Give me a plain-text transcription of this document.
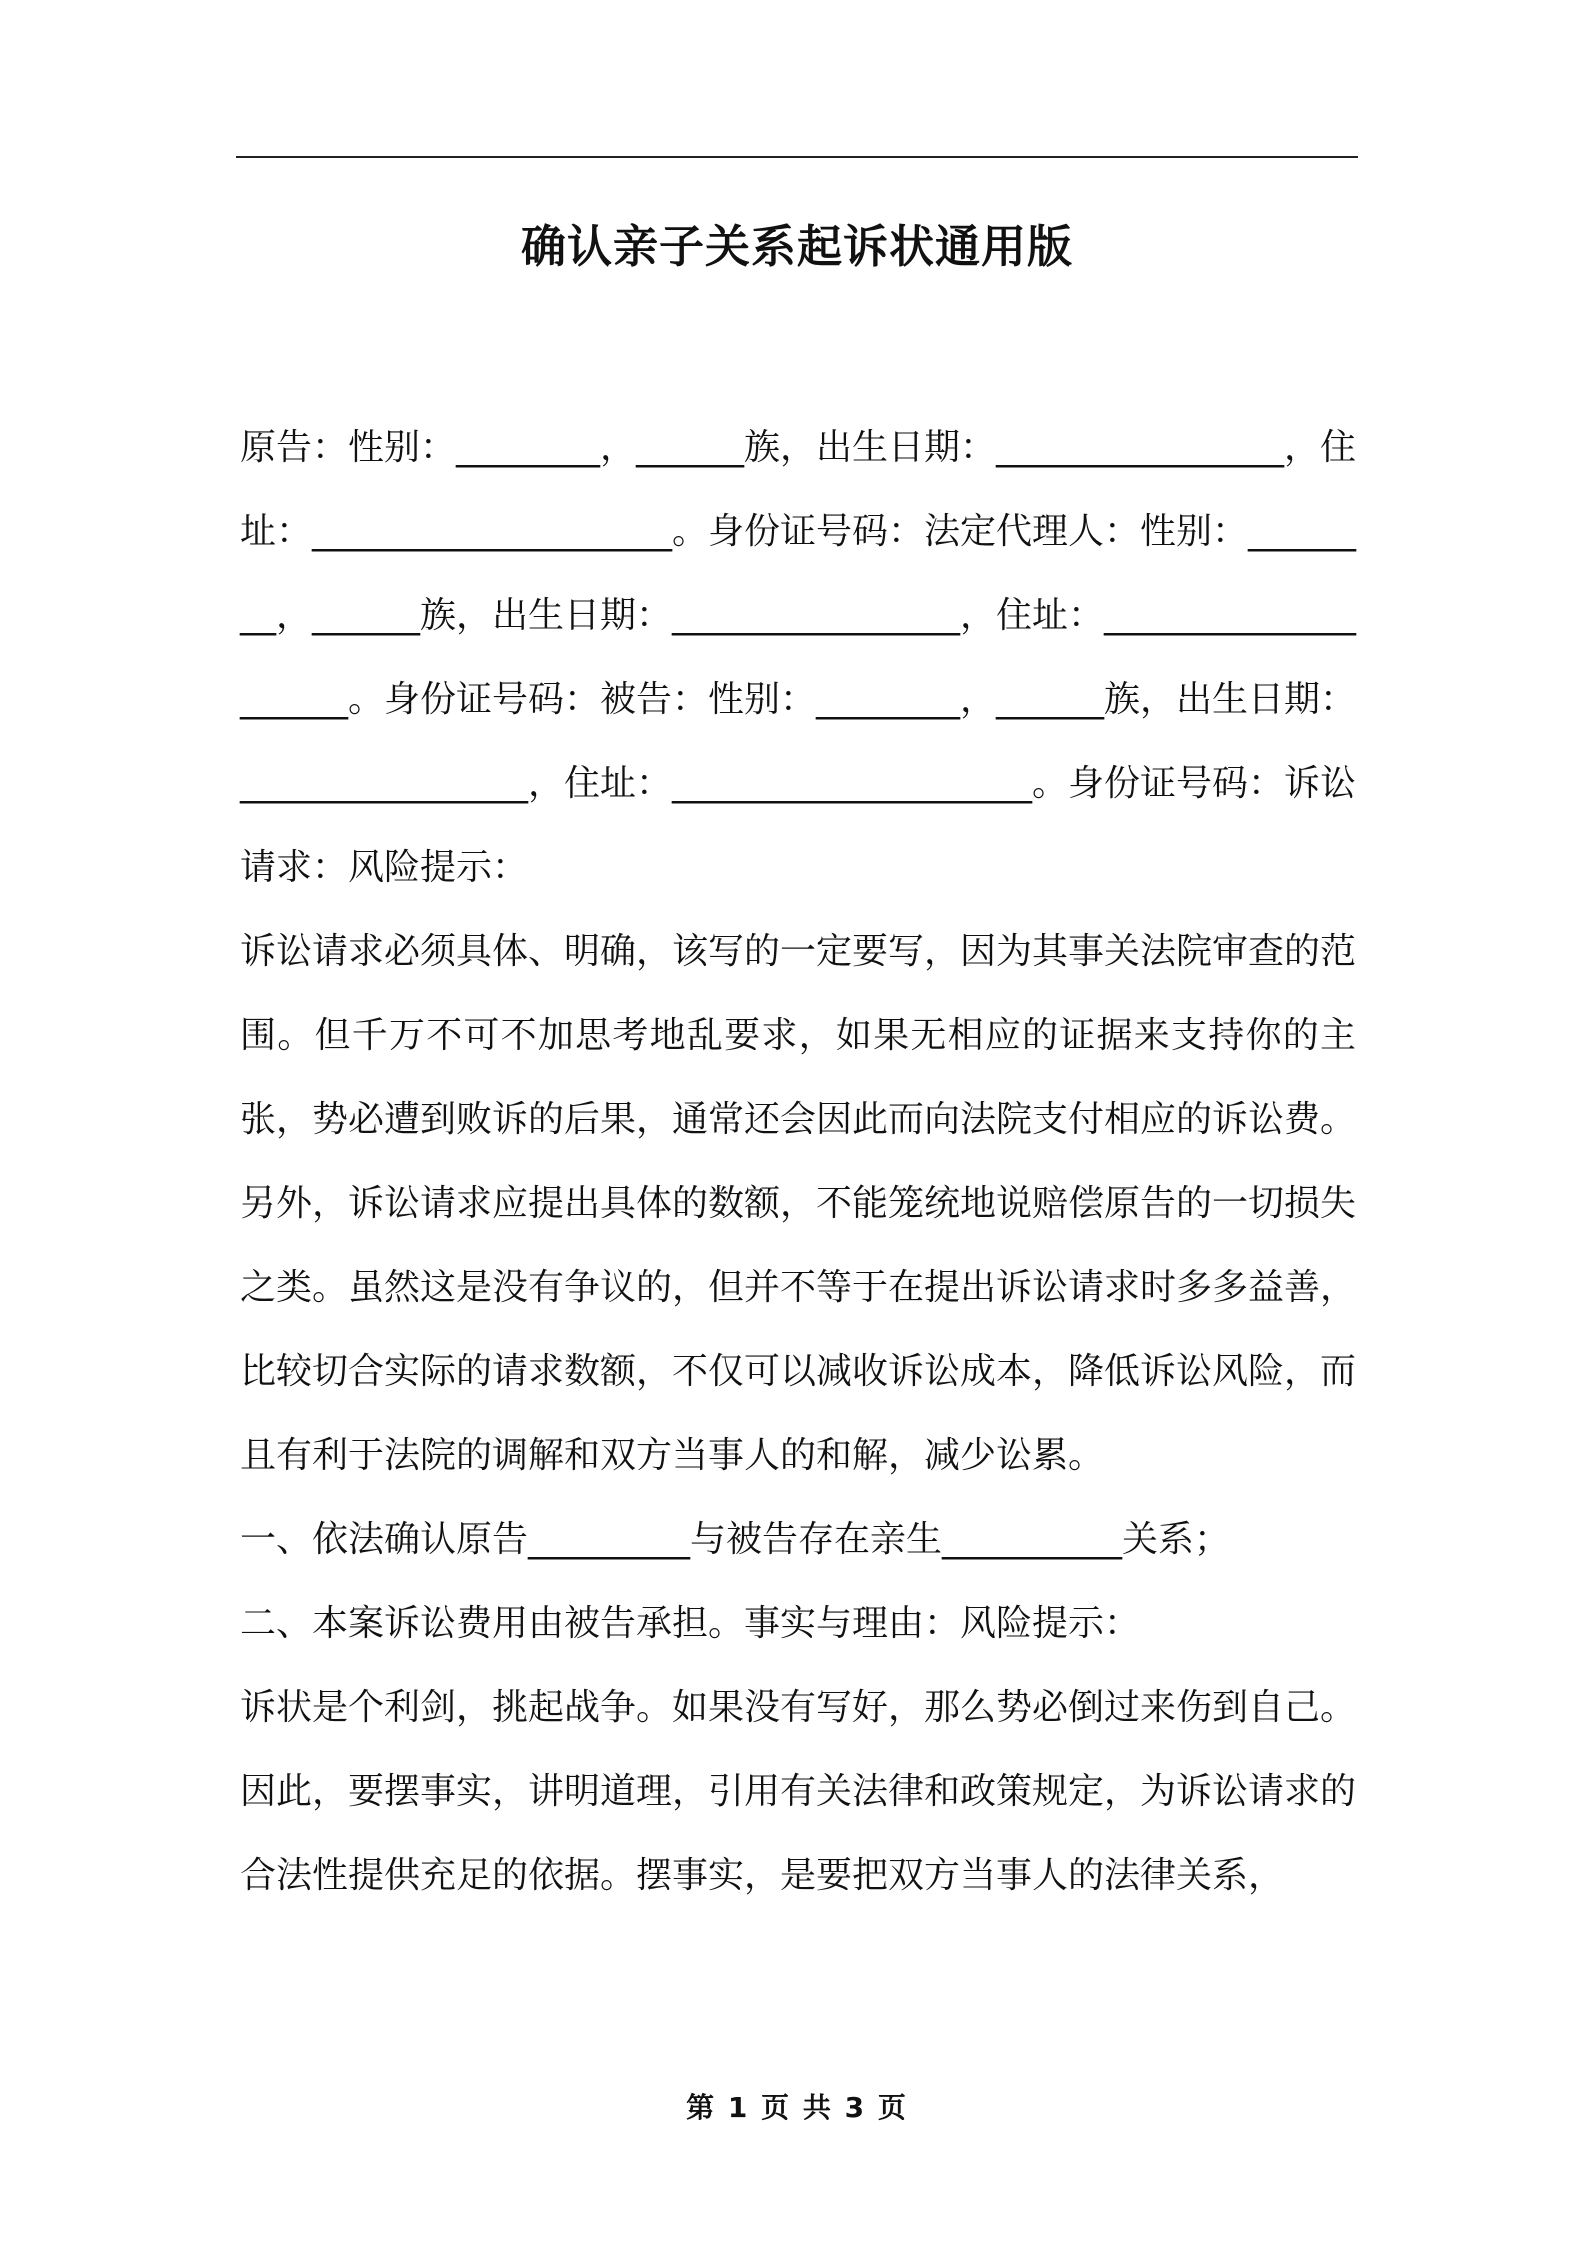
确认亲子关系起诉状通用版

原告：性别：________，______族，出生日期：________________，住址：____________________。身份证号码：法定代理人：性别：________，______族，出生日期：________________，住址：____________________。身份证号码：被告：性别：________，______族，出生日期：________________，住址：____________________。身份证号码：诉讼请求：风险提示：

诉讼请求必须具体、明确，该写的一定要写，因为其事关法院审查的范围。但千万不可不加思考地乱要求，如果无相应的证据来支持你的主张，势必遭到败诉的后果，通常还会因此而向法院支付相应的诉讼费。

另外，诉讼请求应提出具体的数额，不能笼统地说赔偿原告的一切损失之类。虽然这是没有争议的，但并不等于在提出诉讼请求时多多益善，比较切合实际的请求数额，不仅可以减收诉讼成本，降低诉讼风险，而且有利于法院的调解和双方当事人的和解，减少讼累。

一、依法确认原告_________与被告存在亲生__________关系；

二、本案诉讼费用由被告承担。事实与理由：风险提示：

诉状是个利剑，挑起战争。如果没有写好，那么势必倒过来伤到自己。

因此，要摆事实，讲明道理，引用有关法律和政策规定，为诉讼请求的合法性提供充足的依据。摆事实，是要把双方当事人的法律关系，

第 1 页 共 3 页
